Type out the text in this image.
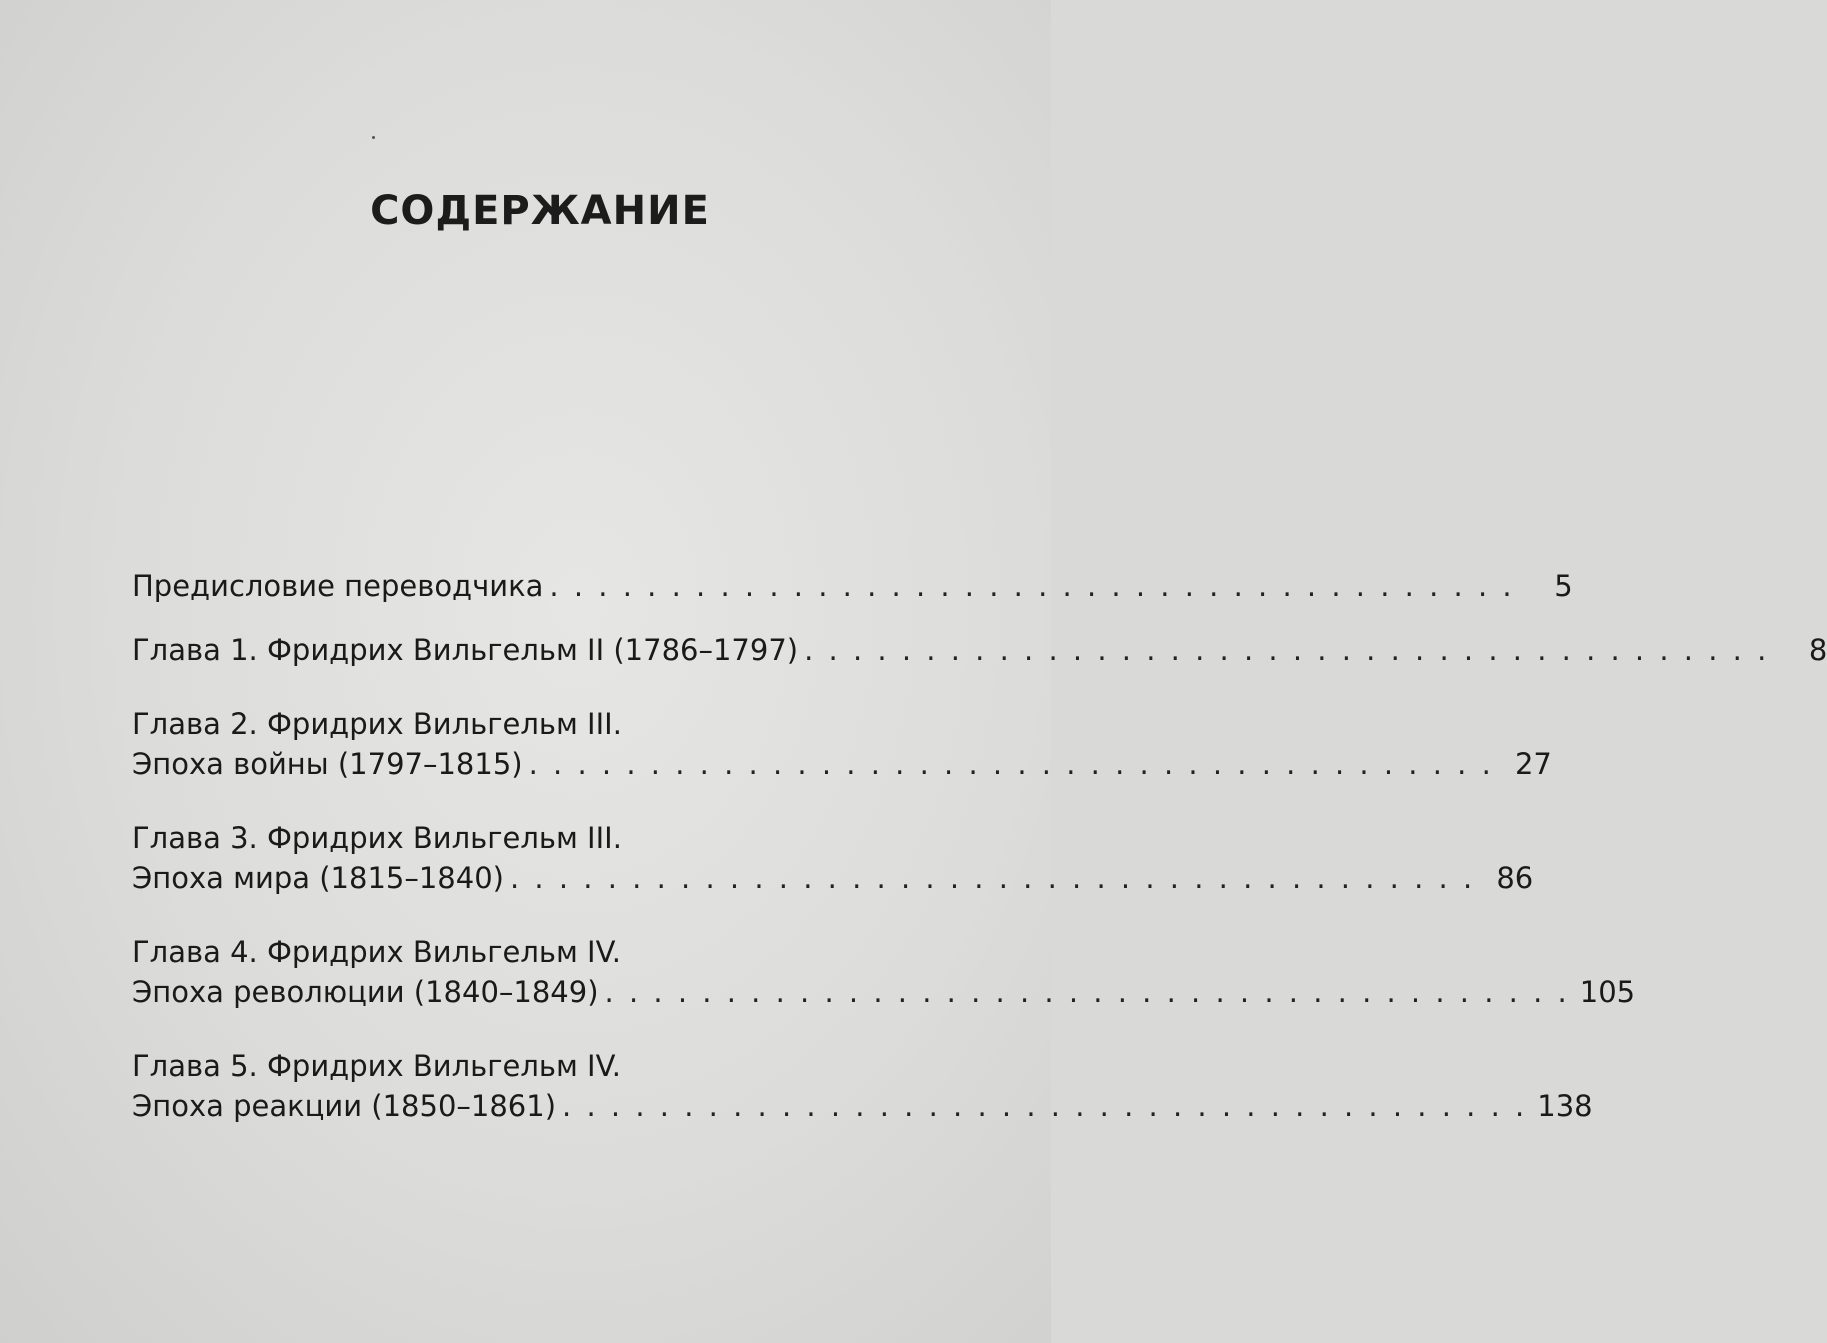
СОДЕРЖАНИЕ
Предисловие переводчика . . . . . . . . . . . . . . . . . . . . . . . . . . . . . . . . . . . . . . . .	5
Глава 1. Фридрих Вильгельм II (1786–1797) . . . . . . . . . . . . . . . . . . . . . . . . . . . . . . . . . . . . . . . .	8
Глава 2. Фридрих Вильгельм III.
Эпоха войны (1797–1815) . . . . . . . . . . . . . . . . . . . . . . . . . . . . . . . . . . . . . . . . 27
Глава 3. Фридрих Вильгельм III.
Эпоха мира (1815–1840) . . . . . . . . . . . . . . . . . . . . . . . . . . . . . . . . . . . . . . . . 86
Глава 4. Фридрих Вильгельм IV.
Эпоха революции (1840–1849) . . . . . . . . . . . . . . . . . . . . . . . . . . . . . . . . . . . . . . . . 105
Глава 5. Фридрих Вильгельм IV.
Эпоха реакции (1850–1861) . . . . . . . . . . . . . . . . . . . . . . . . . . . . . . . . . . . . . . . . 138
